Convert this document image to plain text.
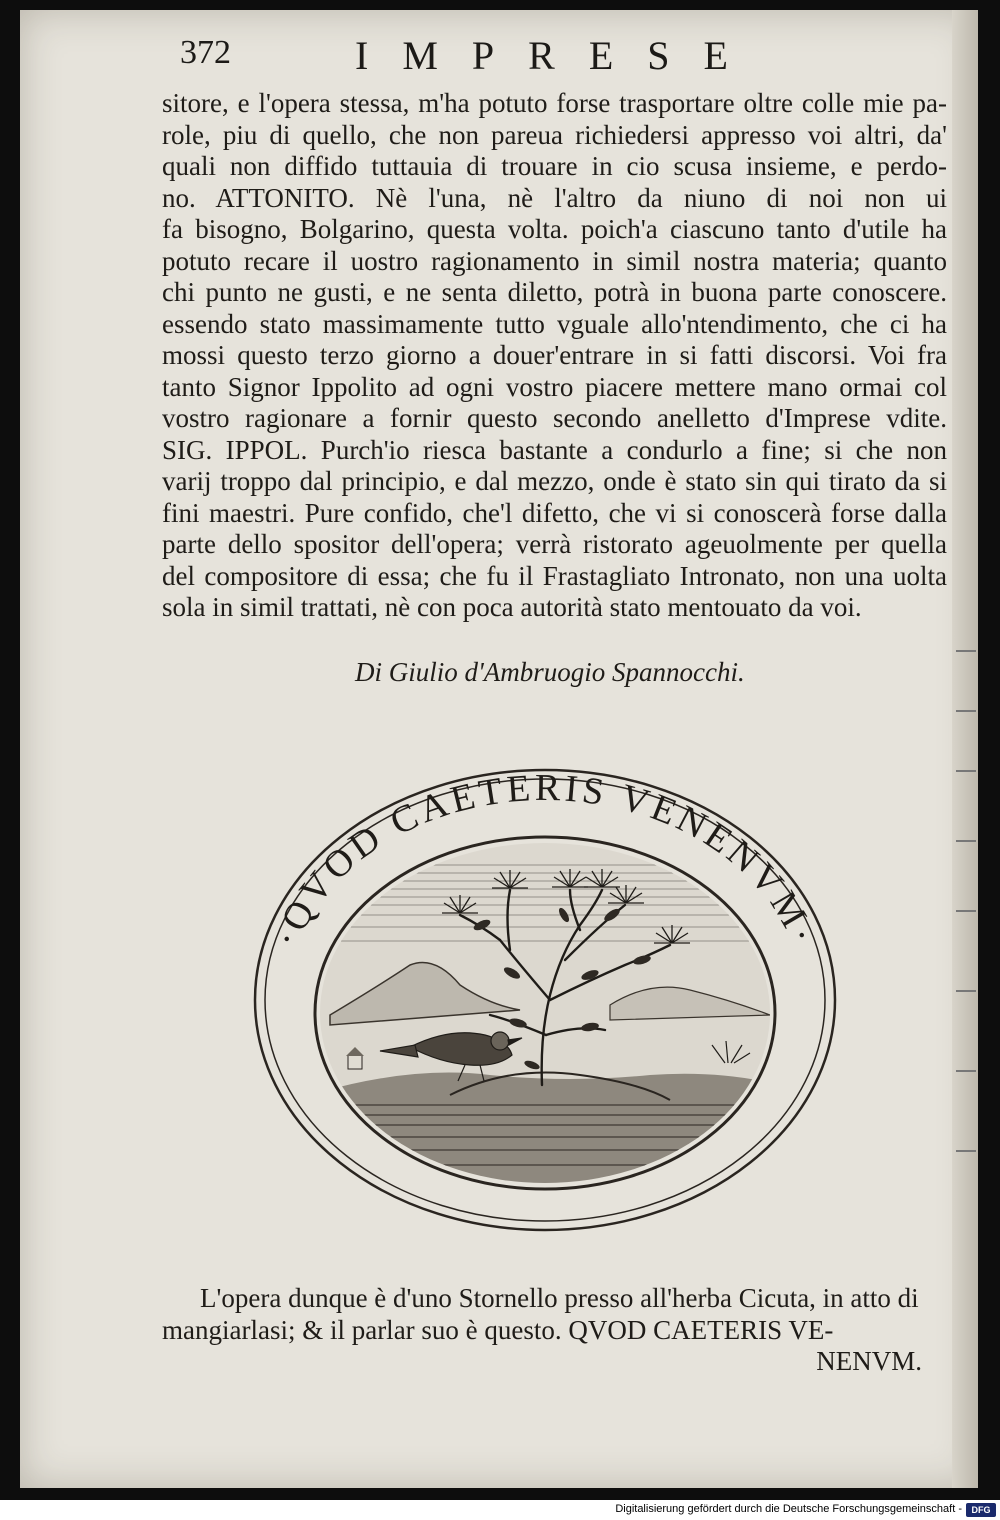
372	IMPRESE
sitore, e l'opera stessa, m'ha potuto forse trasportare oltre colle mie pa-
role, piu di quello, che non pareua richiedersi appresso voi altri, da'
quali non diffido tuttauia di trouare in cio scusa insieme, e perdo-
no. ATTONITO. Nè l'una, nè l'altro da niuno di noi non ui
fa bisogno, Bolgarino, questa volta. poich'a ciascuno tanto d'utile ha
potuto recare il uostro ragionamento in simil nostra materia; quanto
chi punto ne gusti, e ne senta diletto, potrà in buona parte conoscere.
essendo stato massimamente tutto vguale allo'ntendimento, che ci ha
mossi questo terzo giorno a douer'entrare in si fatti discorsi. Voi fra
tanto Signor Ippolito ad ogni vostro piacere mettere mano ormai col
vostro ragionare a fornir questo secondo anelletto d'Imprese vdite.
SIG. IPPOL. Purch'io riesca bastante a condurlo a fine; si che non
varij troppo dal principio, e dal mezzo, onde è stato sin qui tirato da si
fini maestri. Pure confido, che'l difetto, che vi si conoscerà forse dalla
parte dello spositor dell'opera; verrà ristorato ageuolmente per quella
del compositore di essa; che fu il Frastagliato Intronato, non una uolta
sola in simil trattati, nè con poca autorità stato mentouato da voi.
Di Giulio d'Ambruogio Spannocchi.
·QVOD CAETERIS VENENVM·
L'opera dunque è d'uno Stornello presso all'herba Cicuta, in atto di
mangiarlasi; & il parlar suo è questo. QVOD CAETERIS VE-
NENVM.
Digitalisierung gefördert durch die Deutsche Forschungsgemeinschaft -	DFG
